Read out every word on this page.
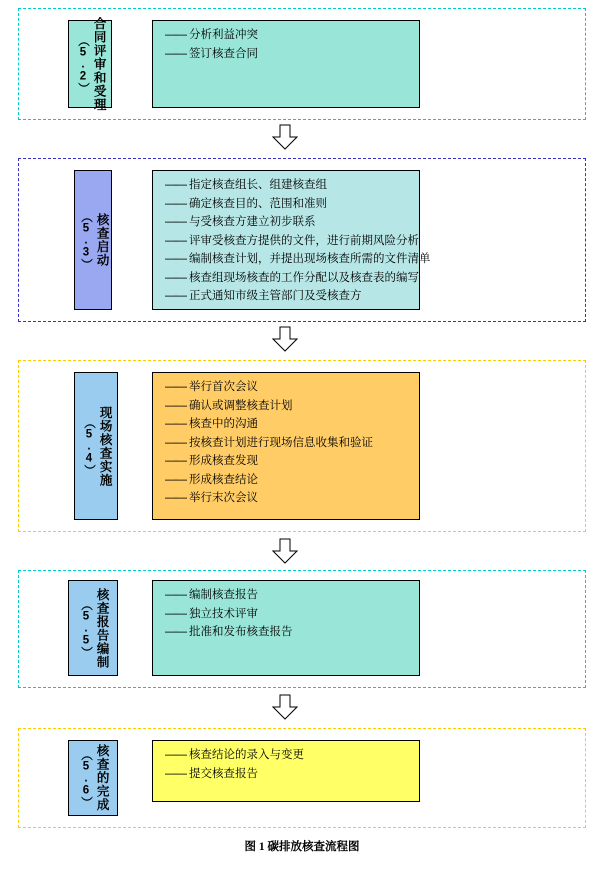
合同评审和受理
（5.2）	—— 分析利益冲突
—— 签订核查合同
核查启动
（5.3）
—— 指定核查组长、组建核查组
—— 确定核查目的、范围和准则
—— 与受核查方建立初步联系
—— 评审受核查方提供的文件，进行前期风险分析
—— 编制核查计划，并提出现场核查所需的文件清单
—— 核查组现场核查的工作分配以及核查表的编写
—— 正式通知市级主管部门及受核查方
现场核查实施
（5.4）
—— 举行首次会议
—— 确认或调整核查计划
—— 核查中的沟通
—— 按核查计划进行现场信息收集和验证
—— 形成核查发现
—— 形成核查结论
—— 举行末次会议
核查报告编制
（5.5）
—— 编制核查报告
—— 独立技术评审
—— 批准和发布核查报告
核查的完成
（5.6）	—— 核查结论的录入与变更
—— 提交核查报告
图 1 碳排放核查流程图
